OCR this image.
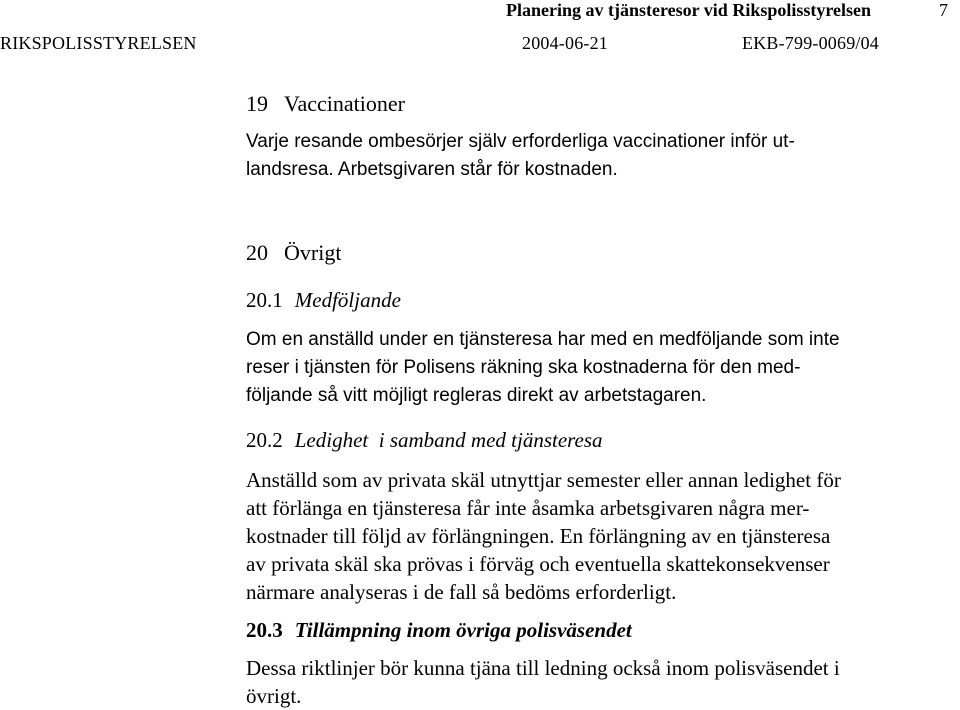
Planering av tjänsteresor vid Rikspolisstyrelsen	7
RIKSPOLISSTYRELSEN	2004-06-21	EKB-799-0069/04
19 Vaccinationer
Varje resande ombesörjer själv erforderliga vaccinationer inför ut-
landsresa. Arbetsgivaren står för kostnaden.
20 Övrigt
20.1 Medföljande
Om en anställd under en tjänsteresa har med en medföljande som inte
reser i tjänsten för Polisens räkning ska kostnaderna för den med-
följande så vitt möjligt regleras direkt av arbetstagaren.
20.2 Ledighet  i samband med tjänsteresa
Anställd som av privata skäl utnyttjar semester eller annan ledighet för
att förlänga en tjänsteresa får inte åsamka arbetsgivaren några mer-
kostnader till följd av förlängningen. En förlängning av en tjänsteresa
av privata skäl ska prövas i förväg och eventuella skattekonsekvenser
närmare analyseras i de fall så bedöms erforderligt.
20.3 Tillämpning inom övriga polisväsendet
Dessa riktlinjer bör kunna tjäna till ledning också inom polisväsendet i
övrigt.
